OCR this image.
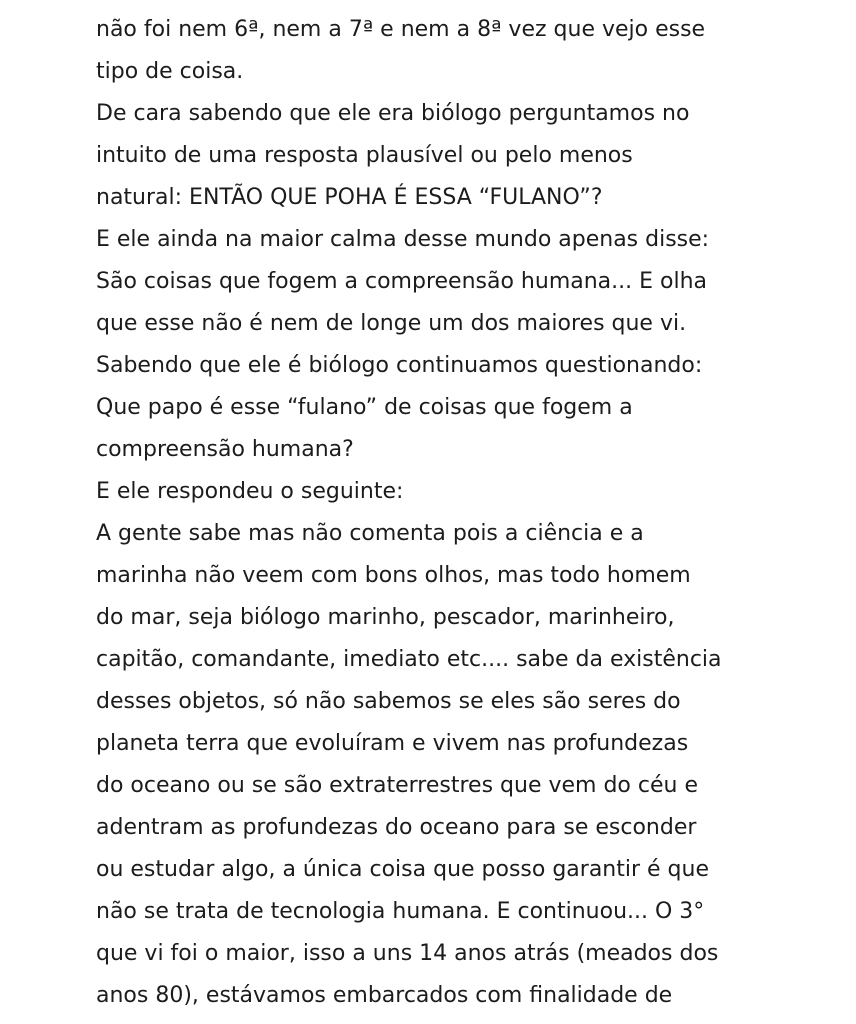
não foi nem 6ª, nem a 7ª e nem a 8ª vez que vejo esse
tipo de coisa.
De cara sabendo que ele era biólogo perguntamos no
intuito de uma resposta plausível ou pelo menos
natural: ENTÃO QUE POHA É ESSA “FULANO”?
E ele ainda na maior calma desse mundo apenas disse:
São coisas que fogem a compreensão humana... E olha
que esse não é nem de longe um dos maiores que vi.
Sabendo que ele é biólogo continuamos questionando:
Que papo é esse “fulano” de coisas que fogem a
compreensão humana?
E ele respondeu o seguinte:
A gente sabe mas não comenta pois a ciência e a
marinha não veem com bons olhos, mas todo homem
do mar, seja biólogo marinho, pescador, marinheiro,
capitão, comandante, imediato etc.... sabe da existência
desses objetos, só não sabemos se eles são seres do
planeta terra que evoluíram e vivem nas profundezas
do oceano ou se são extraterrestres que vem do céu e
adentram as profundezas do oceano para se esconder
ou estudar algo, a única coisa que posso garantir é que
não se trata de tecnologia humana. E continuou... O 3°
que vi foi o maior, isso a uns 14 anos atrás (meados dos
anos 80), estávamos embarcados com finalidade de
